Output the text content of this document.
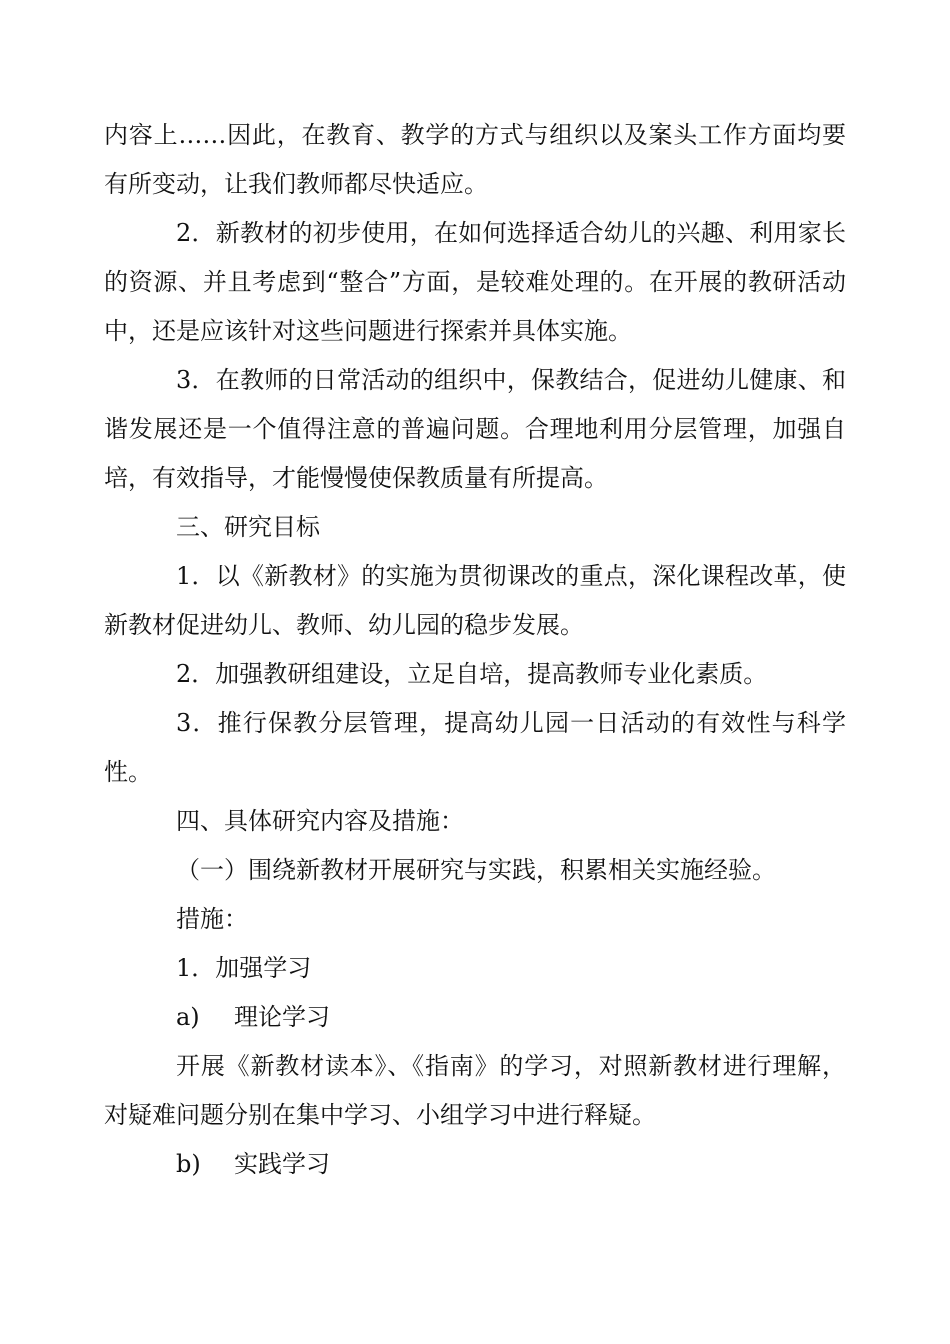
内容上……因此，在教育、教学的方式与组织以及案头工作方面均要有所变动，让我们教师都尽快适应。

2．新教材的初步使用，在如何选择适合幼儿的兴趣、利用家长的资源、并且考虑到“整合”方面，是较难处理的。在开展的教研活动中，还是应该针对这些问题进行探索并具体实施。

3．在教师的日常活动的组织中，保教结合，促进幼儿健康、和谐发展还是一个值得注意的普遍问题。合理地利用分层管理，加强自培，有效指导，才能慢慢使保教质量有所提高。

三、研究目标

1．以《新教材》的实施为贯彻课改的重点，深化课程改革，使新教材促进幼儿、教师、幼儿园的稳步发展。

2．加强教研组建设，立足自培，提高教师专业化素质。

3．推行保教分层管理，提高幼儿园一日活动的有效性与科学性。

四、具体研究内容及措施：

（一）围绕新教材开展研究与实践，积累相关实施经验。

措施：

1．加强学习

a) 理论学习

开展《新教材读本》、《指南》的学习，对照新教材进行理解，对疑难问题分别在集中学习、小组学习中进行释疑。

b) 实践学习
